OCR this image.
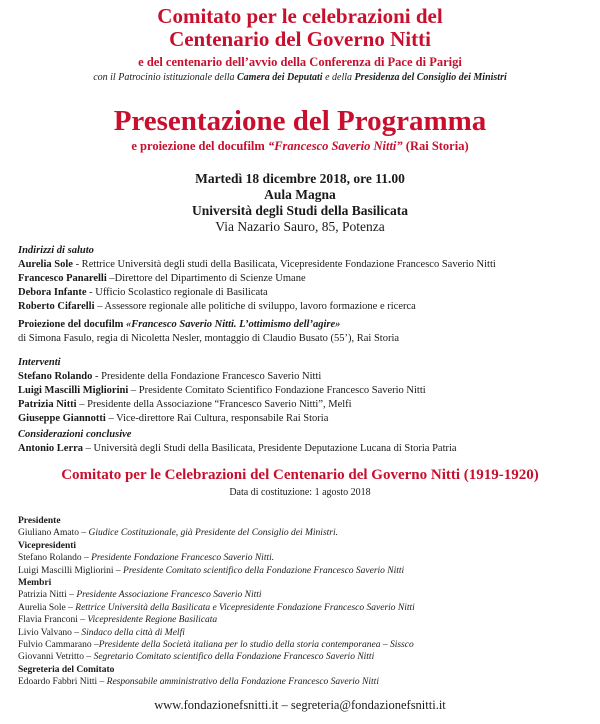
Comitato per le celebrazioni del
Centenario del Governo Nitti
e del centenario dell’avvio della Conferenza di Pace di Parigi
con il Patrocinio istituzionale della Camera dei Deputati e della Presidenza del Consiglio dei Ministri
Presentazione del Programma
e proiezione del docufilm “Francesco Saverio Nitti” (Rai Storia)
Martedì 18 dicembre 2018, ore 11.00
Aula Magna
Università degli Studi della Basilicata
Via Nazario Sauro, 85, Potenza
Indirizzi di saluto
Aurelia Sole - Rettrice Università degli studi della Basilicata, Vicepresidente Fondazione Francesco Saverio Nitti
Francesco Panarelli –Direttore del Dipartimento di Scienze Umane
Debora Infante - Ufficio Scolastico regionale di Basilicata
Roberto Cifarelli – Assessore regionale alle politiche di sviluppo, lavoro formazione e ricerca
Proiezione del docufilm «Francesco Saverio Nitti. L’ottimismo dell’agire»
di Simona Fasulo, regia di Nicoletta Nesler, montaggio di Claudio Busato (55’), Rai Storia
Interventi
Stefano Rolando - Presidente della Fondazione Francesco Saverio Nitti
Luigi Mascilli Migliorini – Presidente Comitato Scientifico Fondazione Francesco Saverio Nitti
Patrizia Nitti – Presidente della Associazione “Francesco Saverio Nitti”, Melfi
Giuseppe Giannotti – Vice-direttore Rai Cultura, responsabile Rai Storia
Considerazioni conclusive
Antonio Lerra – Università degli Studi della Basilicata, Presidente Deputazione Lucana di Storia Patria
Comitato per le Celebrazioni del Centenario del Governo Nitti (1919-1920)
Data di costituzione: 1 agosto 2018
Presidente
Giuliano Amato – Giudice Costituzionale, già Presidente del Consiglio dei Ministri.
Vicepresidenti
Stefano Rolando – Presidente Fondazione Francesco Saverio Nitti.
Luigi Mascilli Migliorini – Presidente Comitato scientifico della Fondazione Francesco Saverio Nitti
Membri
Patrizia Nitti – Presidente Associazione Francesco Saverio Nitti
Aurelia Sole – Rettrice Università della Basilicata e Vicepresidente Fondazione Francesco Saverio Nitti
Flavia Franconi – Vicepresidente Regione Basilicata
Livio Valvano – Sindaco della città di Melfi
Fulvio Cammarano –Presidente della Società italiana per lo studio della storia contemporanea – Sissco
Giovanni Vetritto – Segretario Comitato scientifico della Fondazione Francesco Saverio Nitti
Segreteria del Comitato
Edoardo Fabbri Nitti – Responsabile amministrativo della Fondazione Francesco Saverio Nitti
www.fondazionefsnitti.it – segreteria@fondazionefsnitti.it
